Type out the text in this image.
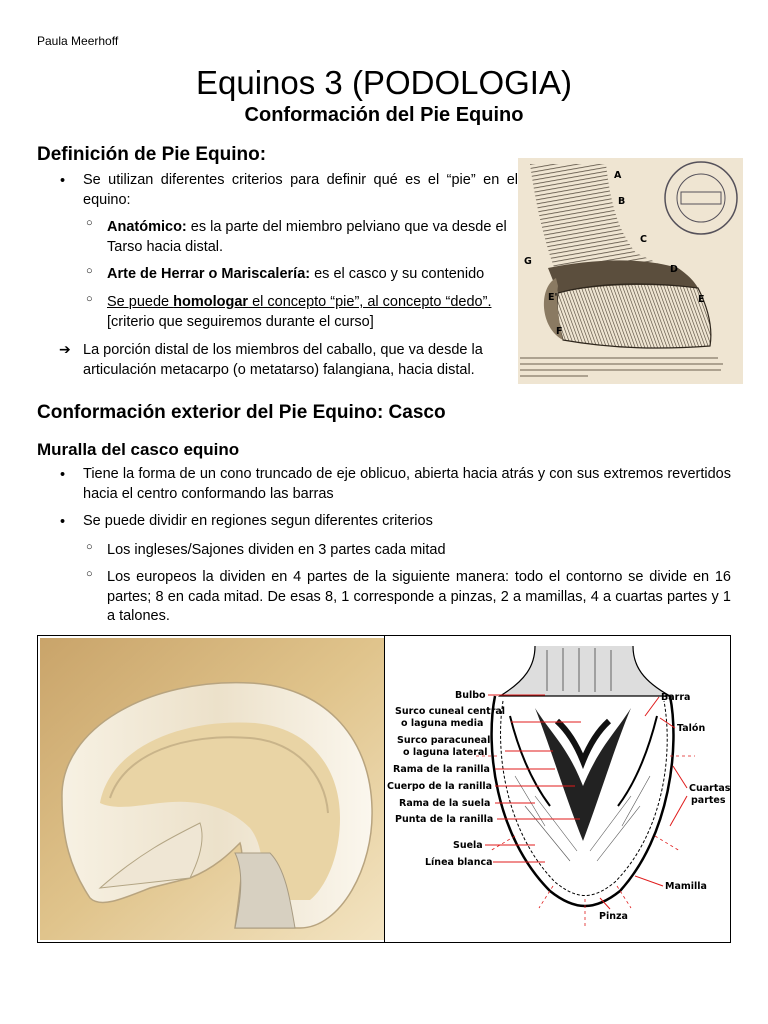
Paula Meerhoff
Equinos 3 (PODOLOGIA)
Conformación del Pie Equino
Definición de Pie Equino:
• Se utilizan diferentes criterios para definir qué es el “pie” en el equino:
○ Anatómico: es la parte del miembro pelviano que va desde el Tarso hacia distal.
○ Arte de Herrar o Mariscalería: es el casco y su contenido
○ Se puede homologar el concepto “pie”, al concepto “dedo”. [criterio que seguiremos durante el curso]
➔ La porción distal de los miembros del caballo, que va desde la articulación metacarpo (o metatarso) falangiana, hacia distal.
A
B
C
D
E
E'
F
G
Conformación exterior del Pie Equino: Casco
Muralla del casco equino
• Tiene la forma de un cono truncado de eje oblicuo, abierta hacia atrás y con sus extremos revertidos hacia el centro conformando las barras
• Se puede dividir en regiones segun diferentes criterios
○ Los ingleses/Sajones dividen en 3 partes cada mitad
○ Los europeos la dividen en 4 partes de la siguiente manera: todo el contorno se divide en 16 partes; 8 en cada mitad. De esas 8, 1 corresponde a pinzas, 2 a mamillas, 4 a cuartas partes y 1 a talones.
Bulbo
Surco cuneal central
o laguna media
Surco paracuneal
o laguna lateral
Rama de la ranilla
Cuerpo de la ranilla
Rama de la suela
Punta de la ranilla
Suela
Línea blanca
Barra
Talón
Cuartas
partes
Mamilla
Pinza
